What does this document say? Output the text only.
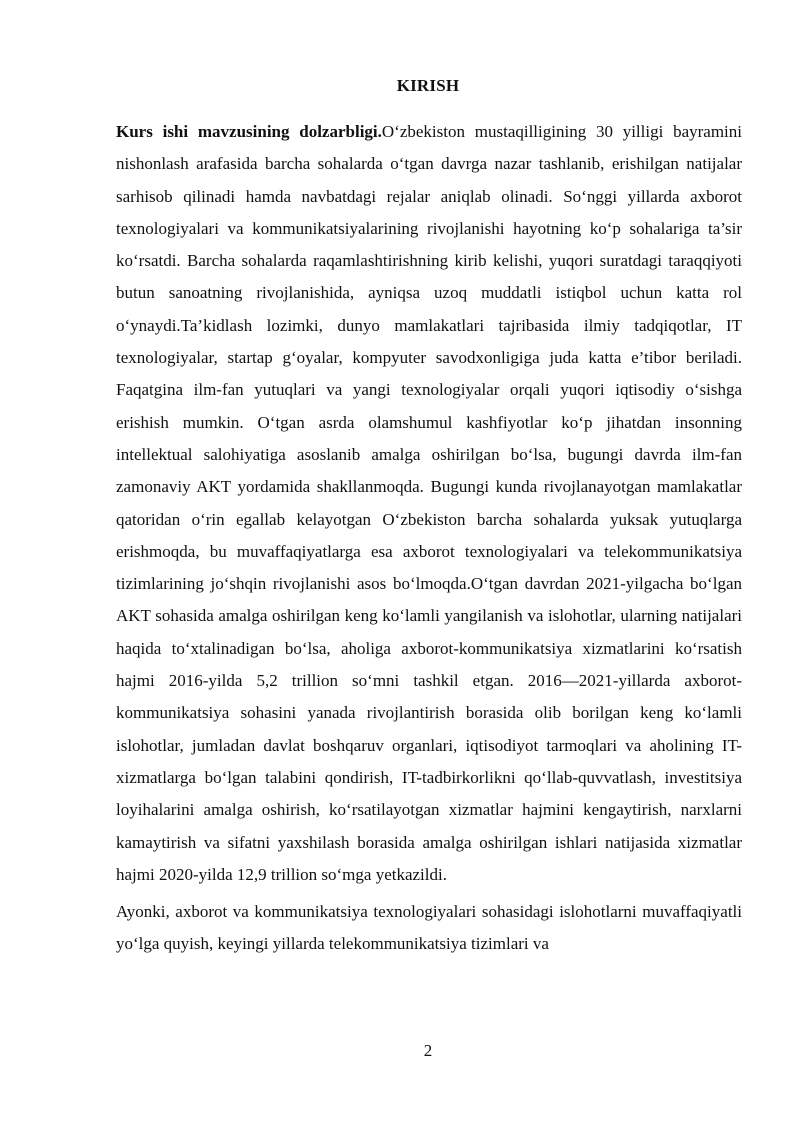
KIRISH

Kurs ishi mavzusining dolzarbligi.O‘zbekiston mustaqilligining 30 yilligi bayramini nishonlash arafasida barcha sohalarda o‘tgan davrga nazar tashlanib, erishilgan natijalar sarhisob qilinadi hamda navbatdagi rejalar aniqlab olinadi. So‘nggi yillarda axborot texnologiyalari va kommunikatsiyalarining rivojlanishi hayotning ko‘p sohalariga ta’sir ko‘rsatdi. Barcha sohalarda raqamlashtirishning kirib kelishi, yuqori suratdagi taraqqiyoti butun sanoatning rivojlanishida, ayniqsa uzoq muddatli istiqbol uchun katta rol o‘ynaydi.Ta’kidlash lozimki, dunyo mamlakatlari tajribasida ilmiy tadqiqotlar, IT texnologiyalar, startap g‘oyalar, kompyuter savodxonligiga juda katta e’tibor beriladi. Faqatgina ilm-fan yutuqlari va yangi texnologiyalar orqali yuqori iqtisodiy o‘sishga erishish mumkin. O‘tgan asrda olamshumul kashfiyotlar ko‘p jihatdan insonning intellektual salohiyatiga asoslanib amalga oshirilgan bo‘lsa, bugungi davrda ilm-fan zamonaviy AKT yordamida shakllanmoqda. Bugungi kunda rivojlanayotgan mamlakatlar qatoridan o‘rin egallab kelayotgan O‘zbekiston barcha sohalarda yuksak yutuqlarga erishmoqda, bu muvaffaqiyatlarga esa axborot texnologiyalari va telekommunikatsiya tizimlarining jo‘shqin rivojlanishi asos bo‘lmoqda.O‘tgan davrdan 2021-yilgacha bo‘lgan AKT sohasida amalga oshirilgan keng ko‘lamli yangilanish va islohotlar, ularning natijalari haqida to‘xtalinadigan bo‘lsa, aholiga axborot-kommunikatsiya xizmatlarini ko‘rsatish hajmi 2016-yilda 5,2 trillion so‘mni tashkil etgan. 2016—2021-yillarda axborot-kommunikatsiya sohasini yanada rivojlantirish borasida olib borilgan keng ko‘lamli islohotlar, jumladan davlat boshqaruv organlari, iqtisodiyot tarmoqlari va aholining IT-xizmatlarga bo‘lgan talabini qondirish, IT-tadbirkorlikni qo‘llab-quvvatlash, investitsiya loyihalarini amalga oshirish, ko‘rsatilayotgan xizmatlar hajmini kengaytirish, narxlarni kamaytirish va sifatni yaxshilash borasida amalga oshirilgan ishlari natijasida xizmatlar hajmi 2020-yilda 12,9 trillion so‘mga yetkazildi.

Ayonki, axborot va kommunikatsiya texnologiyalari sohasidagi islohotlarni muvaffaqiyatli yo‘lga quyish, keyingi yillarda telekommunikatsiya tizimlari va

2
